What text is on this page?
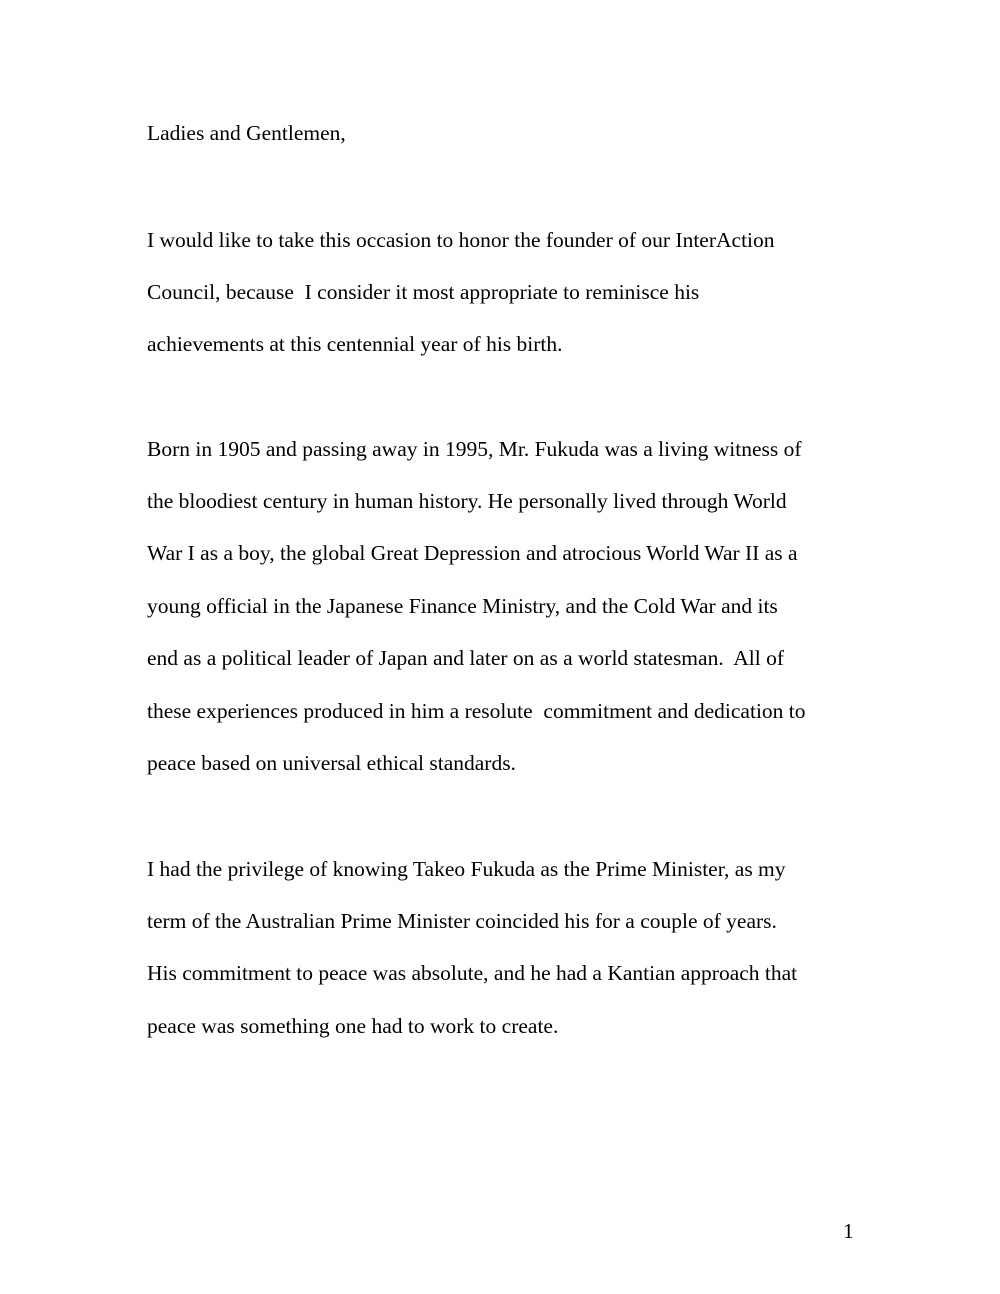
Ladies and Gentlemen,

I would like to take this occasion to honor the founder of our InterAction

Council, because  I consider it most appropriate to reminisce his

achievements at this centennial year of his birth.

Born in 1905 and passing away in 1995, Mr. Fukuda was a living witness of

the bloodiest century in human history. He personally lived through World

War I as a boy, the global Great Depression and atrocious World War II as a

young official in the Japanese Finance Ministry, and the Cold War and its

end as a political leader of Japan and later on as a world statesman.  All of

these experiences produced in him a resolute  commitment and dedication to

peace based on universal ethical standards.

I had the privilege of knowing Takeo Fukuda as the Prime Minister, as my

term of the Australian Prime Minister coincided his for a couple of years.

His commitment to peace was absolute, and he had a Kantian approach that

peace was something one had to work to create.

1
